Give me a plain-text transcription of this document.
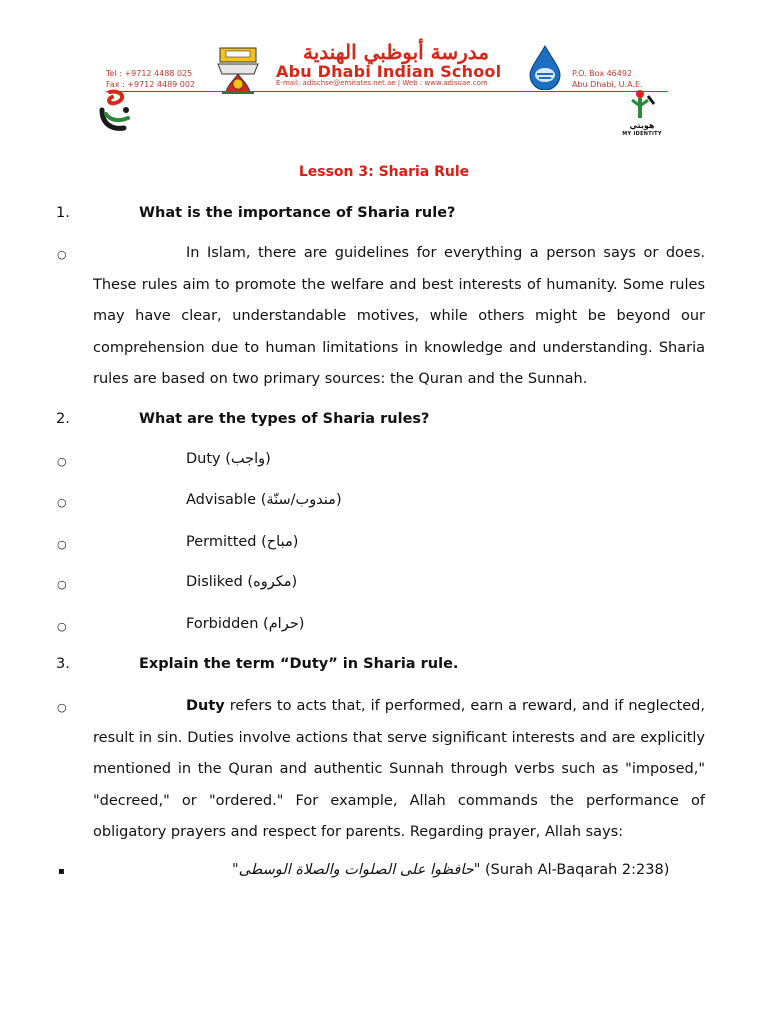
Tel : +9712 4488 025
Fax : +9712 4489 002
مدرسة أبوظبي الهندية
Abu Dhabi Indian School
E-mail: adischse@emirates.net.ae | Web : www.adisuae.com
P.O. Box 46492
Abu Dhabi, U.A.E.
هويتي
MY IDENTITY
Lesson 3: Sharia Rule
1.	What is the importance of Sharia rule?
○	In Islam, there are guidelines for everything a person says or does. These rules aim to promote the welfare and best interests of humanity. Some rules may have clear, understandable motives, while others might be beyond our comprehension due to human limitations in knowledge and understanding. Sharia rules are based on two primary sources: the Quran and the Sunnah.
2.	What are the types of Sharia rules?
○	Duty (واجب)
○	Advisable (مندوب/سنّة)
○	Permitted (مباح)
○	Disliked (مكروه)
○	Forbidden (حرام)
3.	Explain the term “Duty” in Sharia rule.
○	Duty refers to acts that, if performed, earn a reward, and if neglected, result in sin. Duties involve actions that serve significant interests and are explicitly mentioned in the Quran and authentic Sunnah through verbs such as "imposed," "decreed," or "ordered." For example, Allah commands the performance of obligatory prayers and respect for parents. Regarding prayer, Allah says:
▪	"حافظوا على الصلوات والصلاة الوسطى" (Surah Al-Baqarah 2:238)
